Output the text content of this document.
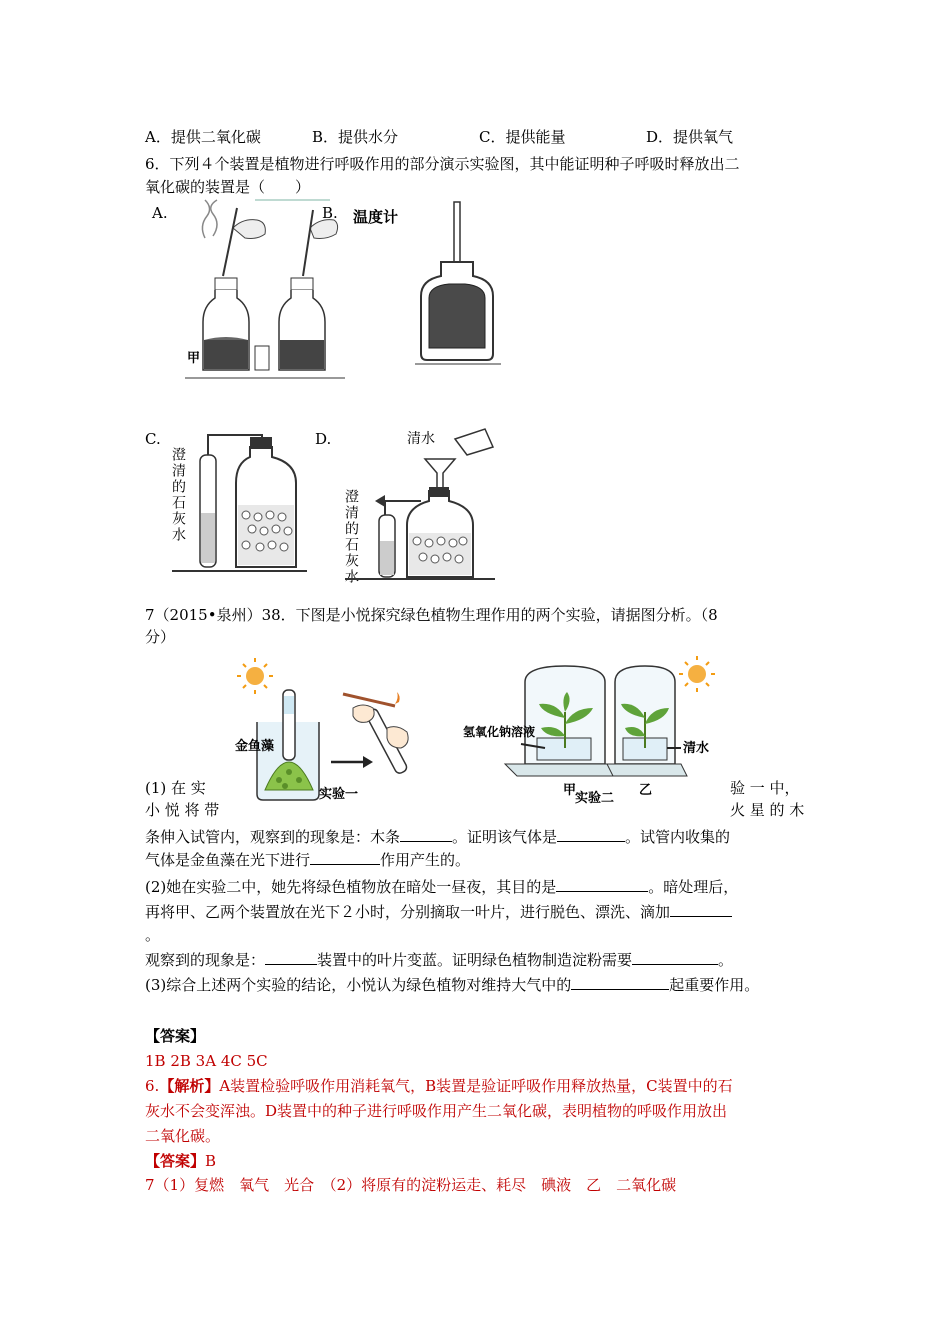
A．提供二氧化碳	B．提供水分	C．提供能量	D．提供氧气
6．下列４个装置是植物进行呼吸作用的部分演示实验图，其中能证明种子呼吸时释放出二
氧化碳的装置是（　　）
A.
甲
B. 温度计
C.
澄清的石灰水
D.	清水
澄清的石灰水
7（2015•泉州）38．下图是小悦探究绿色植物生理作用的两个实验，请据图分析。（8
分）
金鱼藻
实验一
氢氧化钠溶液
甲
清水
乙
实验二
(1) 在 实	验 一 中，
小 悦 将 带	火 星 的 木
条伸入试管内，观察到的现象是：木条	。证明该气体是	。试管内收集的
气体是金鱼藻在光下进行	作用产生的。
(2)她在实验二中，她先将绿色植物放在暗处一昼夜，其目的是	。暗处理后，
再将甲、乙两个装置放在光下２小时，分别摘取一叶片，进行脱色、漂洗、滴加
。
观察到的现象是：	装置中的叶片变蓝。证明绿色植物制造淀粉需要	。
(3)综合上述两个实验的结论，小悦认为绿色植物对维持大气中的	起重要作用。
【答案】
1B 2B 3A 4C 5C
6.【解析】A装置检验呼吸作用消耗氧气，B装置是验证呼吸作用释放热量，C装置中的石
灰水不会变浑浊。D装置中的种子进行呼吸作用产生二氧化碳，表明植物的呼吸作用放出
二氧化碳。
【答案】B
7（1）复燃　氧气　光合　（2）将原有的淀粉运走、耗尽　碘液　乙　二氧化碳
